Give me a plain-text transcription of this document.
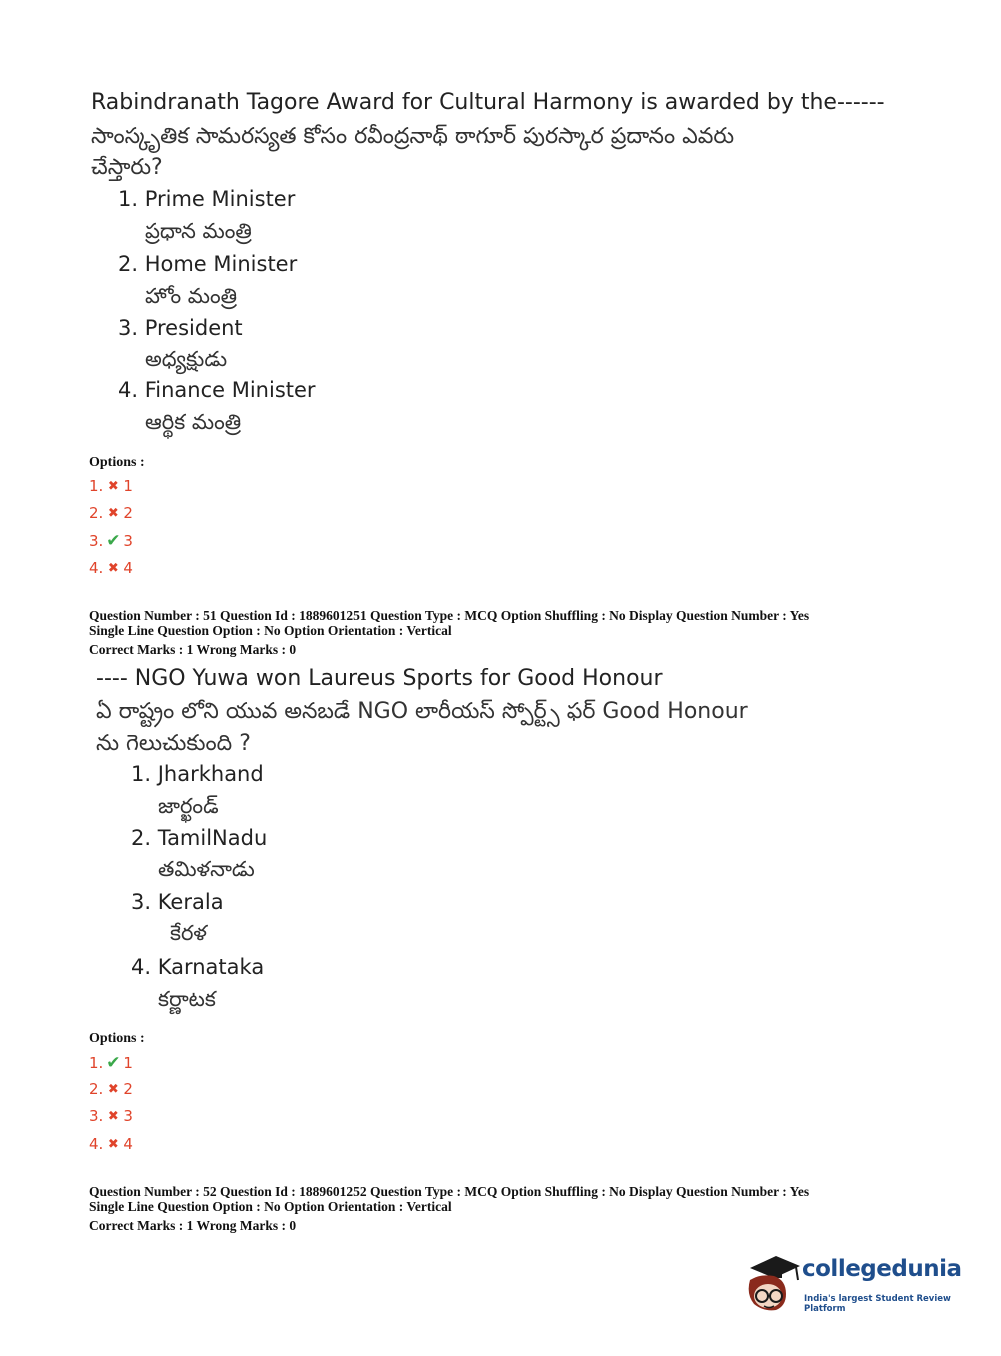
Rabindranath Tagore Award for Cultural Harmony is awarded by the------
సాంస్కృతిక సామరస్యత కోసం రవీంద్రనాథ్ ఠాగూర్ పురస్కార ప్రదానం ఎవరు
చేస్తారు?
1. Prime Minister
ప్రధాన మంత్రి
2. Home Minister
హోం మంత్రి
3. President
అధ్యక్షుడు
4. Finance Minister
ఆర్థిక మంత్రి
Options :
1. ✖ 1
2. ✖ 2
3. ✔ 3
4. ✖ 4
Question Number : 51 Question Id : 1889601251 Question Type : MCQ Option Shuffling : No Display Question Number : Yes
Single Line Question Option : No Option Orientation : Vertical
Correct Marks : 1 Wrong Marks : 0
---- NGO Yuwa won Laureus Sports for Good Honour
ఏ రాష్ట్రం లోని యువ అనబడే NGO లారీయస్ స్పోర్ట్స్ ఫర్ Good Honour
ను గెలుచుకుంది ?
1. Jharkhand
జార్ఖండ్
2. TamilNadu
తమిళనాడు
3. Kerala
కేరళ
4. Karnataka
కర్ణాటక
Options :
1. ✔ 1
2. ✖ 2
3. ✖ 3
4. ✖ 4
Question Number : 52 Question Id : 1889601252 Question Type : MCQ Option Shuffling : No Display Question Number : Yes
Single Line Question Option : No Option Orientation : Vertical
Correct Marks : 1 Wrong Marks : 0
collegedunia
India's largest Student Review Platform
